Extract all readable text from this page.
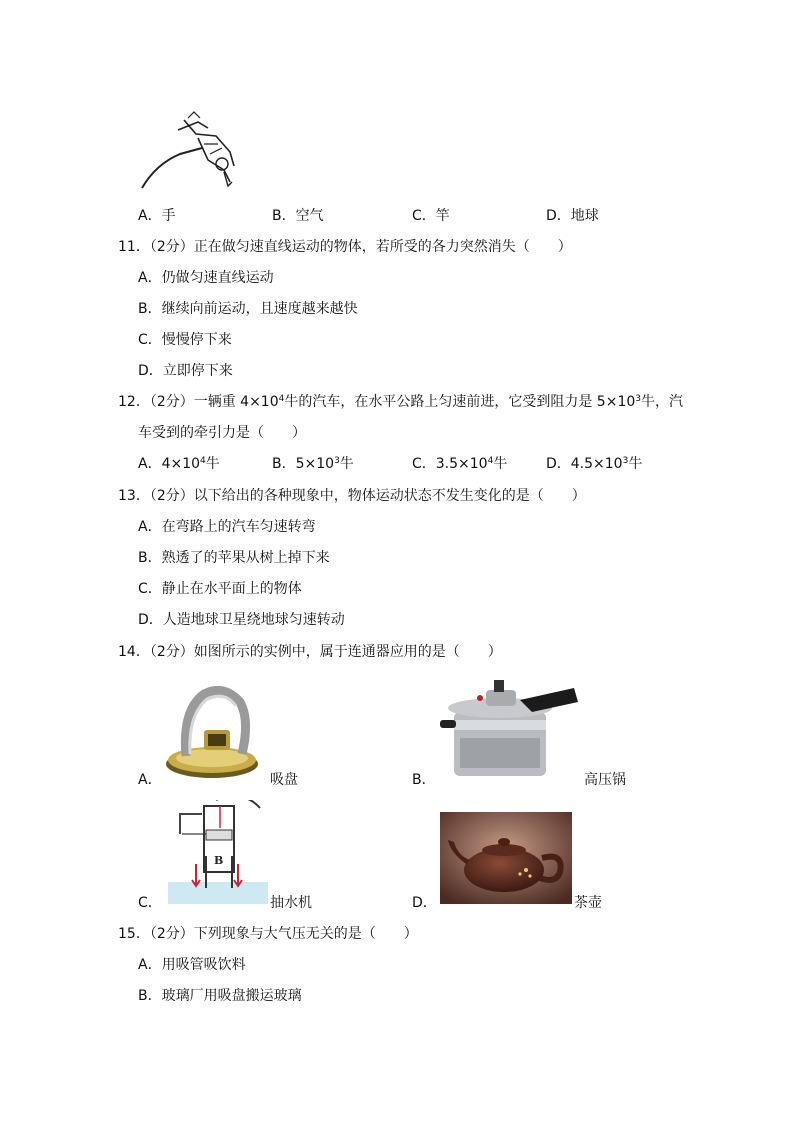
A．手	B．空气	C．竿	D．地球
11．（2分）正在做匀速直线运动的物体，若所受的各力突然消失（　　）
A．仍做匀速直线运动
B．继续向前运动，且速度越来越快
C．慢慢停下来
D．立即停下来
12．（2分）一辆重 $4\times 10^4$牛的汽车，在水平公路上匀速前进，它受到阻力是 $5\times 10^3$牛，汽
车受到的牵引力是（　　）
A．$4\times 10^4$牛	B．$5\times 10^3$牛	C．$3.5\times 10^4$牛	D．$4.5\times 10^3$牛
13．（2分）以下给出的各种现象中，物体运动状态不发生变化的是（　　）
A．在弯路上的汽车匀速转弯
B．熟透了的苹果从树上掉下来
C．静止在水平面上的物体
D．人造地球卫星绕地球匀速转动
14．（2分）如图所示的实例中，属于连通器应用的是（　　）
A．	吸盘	B．	高压锅
B
C．	抽水机	D．	茶壶
15．（2分）下列现象与大气压无关的是（　　）
A．用吸管吸饮料
B．玻璃厂用吸盘搬运玻璃
